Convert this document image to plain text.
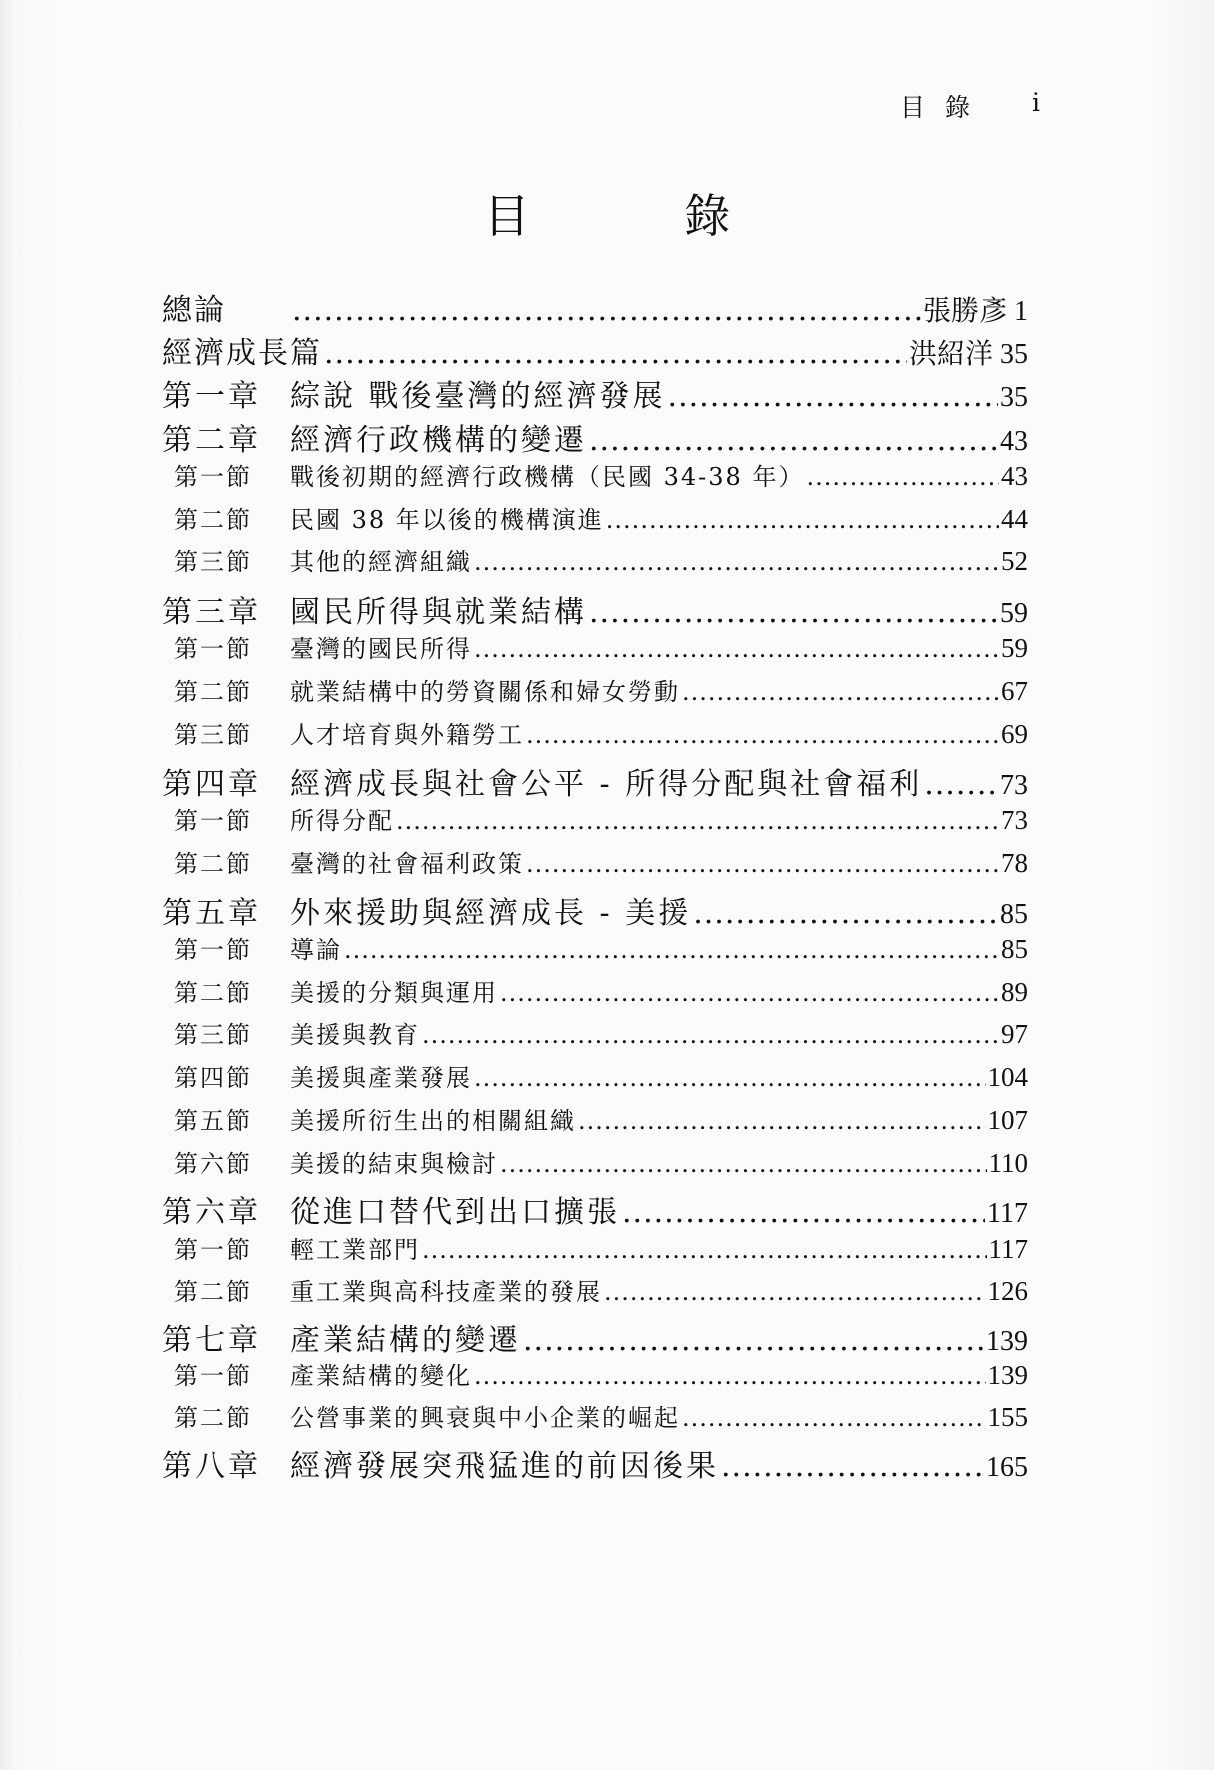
目 錄 i
目 錄
總論 .....	張勝彥 1
經濟成長篇 .....	洪紹洋 35
第一章 綜說 戰後臺灣的經濟發展 .....	35
第二章 經濟行政機構的變遷 .....	43
第一節	戰後初期的經濟行政機構（民國 34-38 年） .....	43
第二節	民國 38 年以後的機構演進 .....	44
第三節	其他的經濟組織 .....	52
第三章 國民所得與就業結構 .....	59
第一節	臺灣的國民所得 .....	59
第二節	就業結構中的勞資關係和婦女勞動 .....	67
第三節	人才培育與外籍勞工 .....	69
第四章 經濟成長與社會公平 - 所得分配與社會福利 .....	73
第一節	所得分配 .....	73
第二節	臺灣的社會福利政策 .....	78
第五章 外來援助與經濟成長 - 美援 .....	85
第一節	導論 .....	85
第二節	美援的分類與運用 .....	89
第三節	美援與教育 .....	97
第四節	美援與產業發展 .....	104
第五節	美援所衍生出的相關組織 .....	107
第六節	美援的結束與檢討 .....	110
第六章 從進口替代到出口擴張 .....	117
第一節	輕工業部門 .....	117
第二節	重工業與高科技產業的發展 .....	126
第七章 產業結構的變遷 .....	139
第一節	產業結構的變化 .....	139
第二節	公營事業的興衰與中小企業的崛起 .....	155
第八章 經濟發展突飛猛進的前因後果 .....	165
